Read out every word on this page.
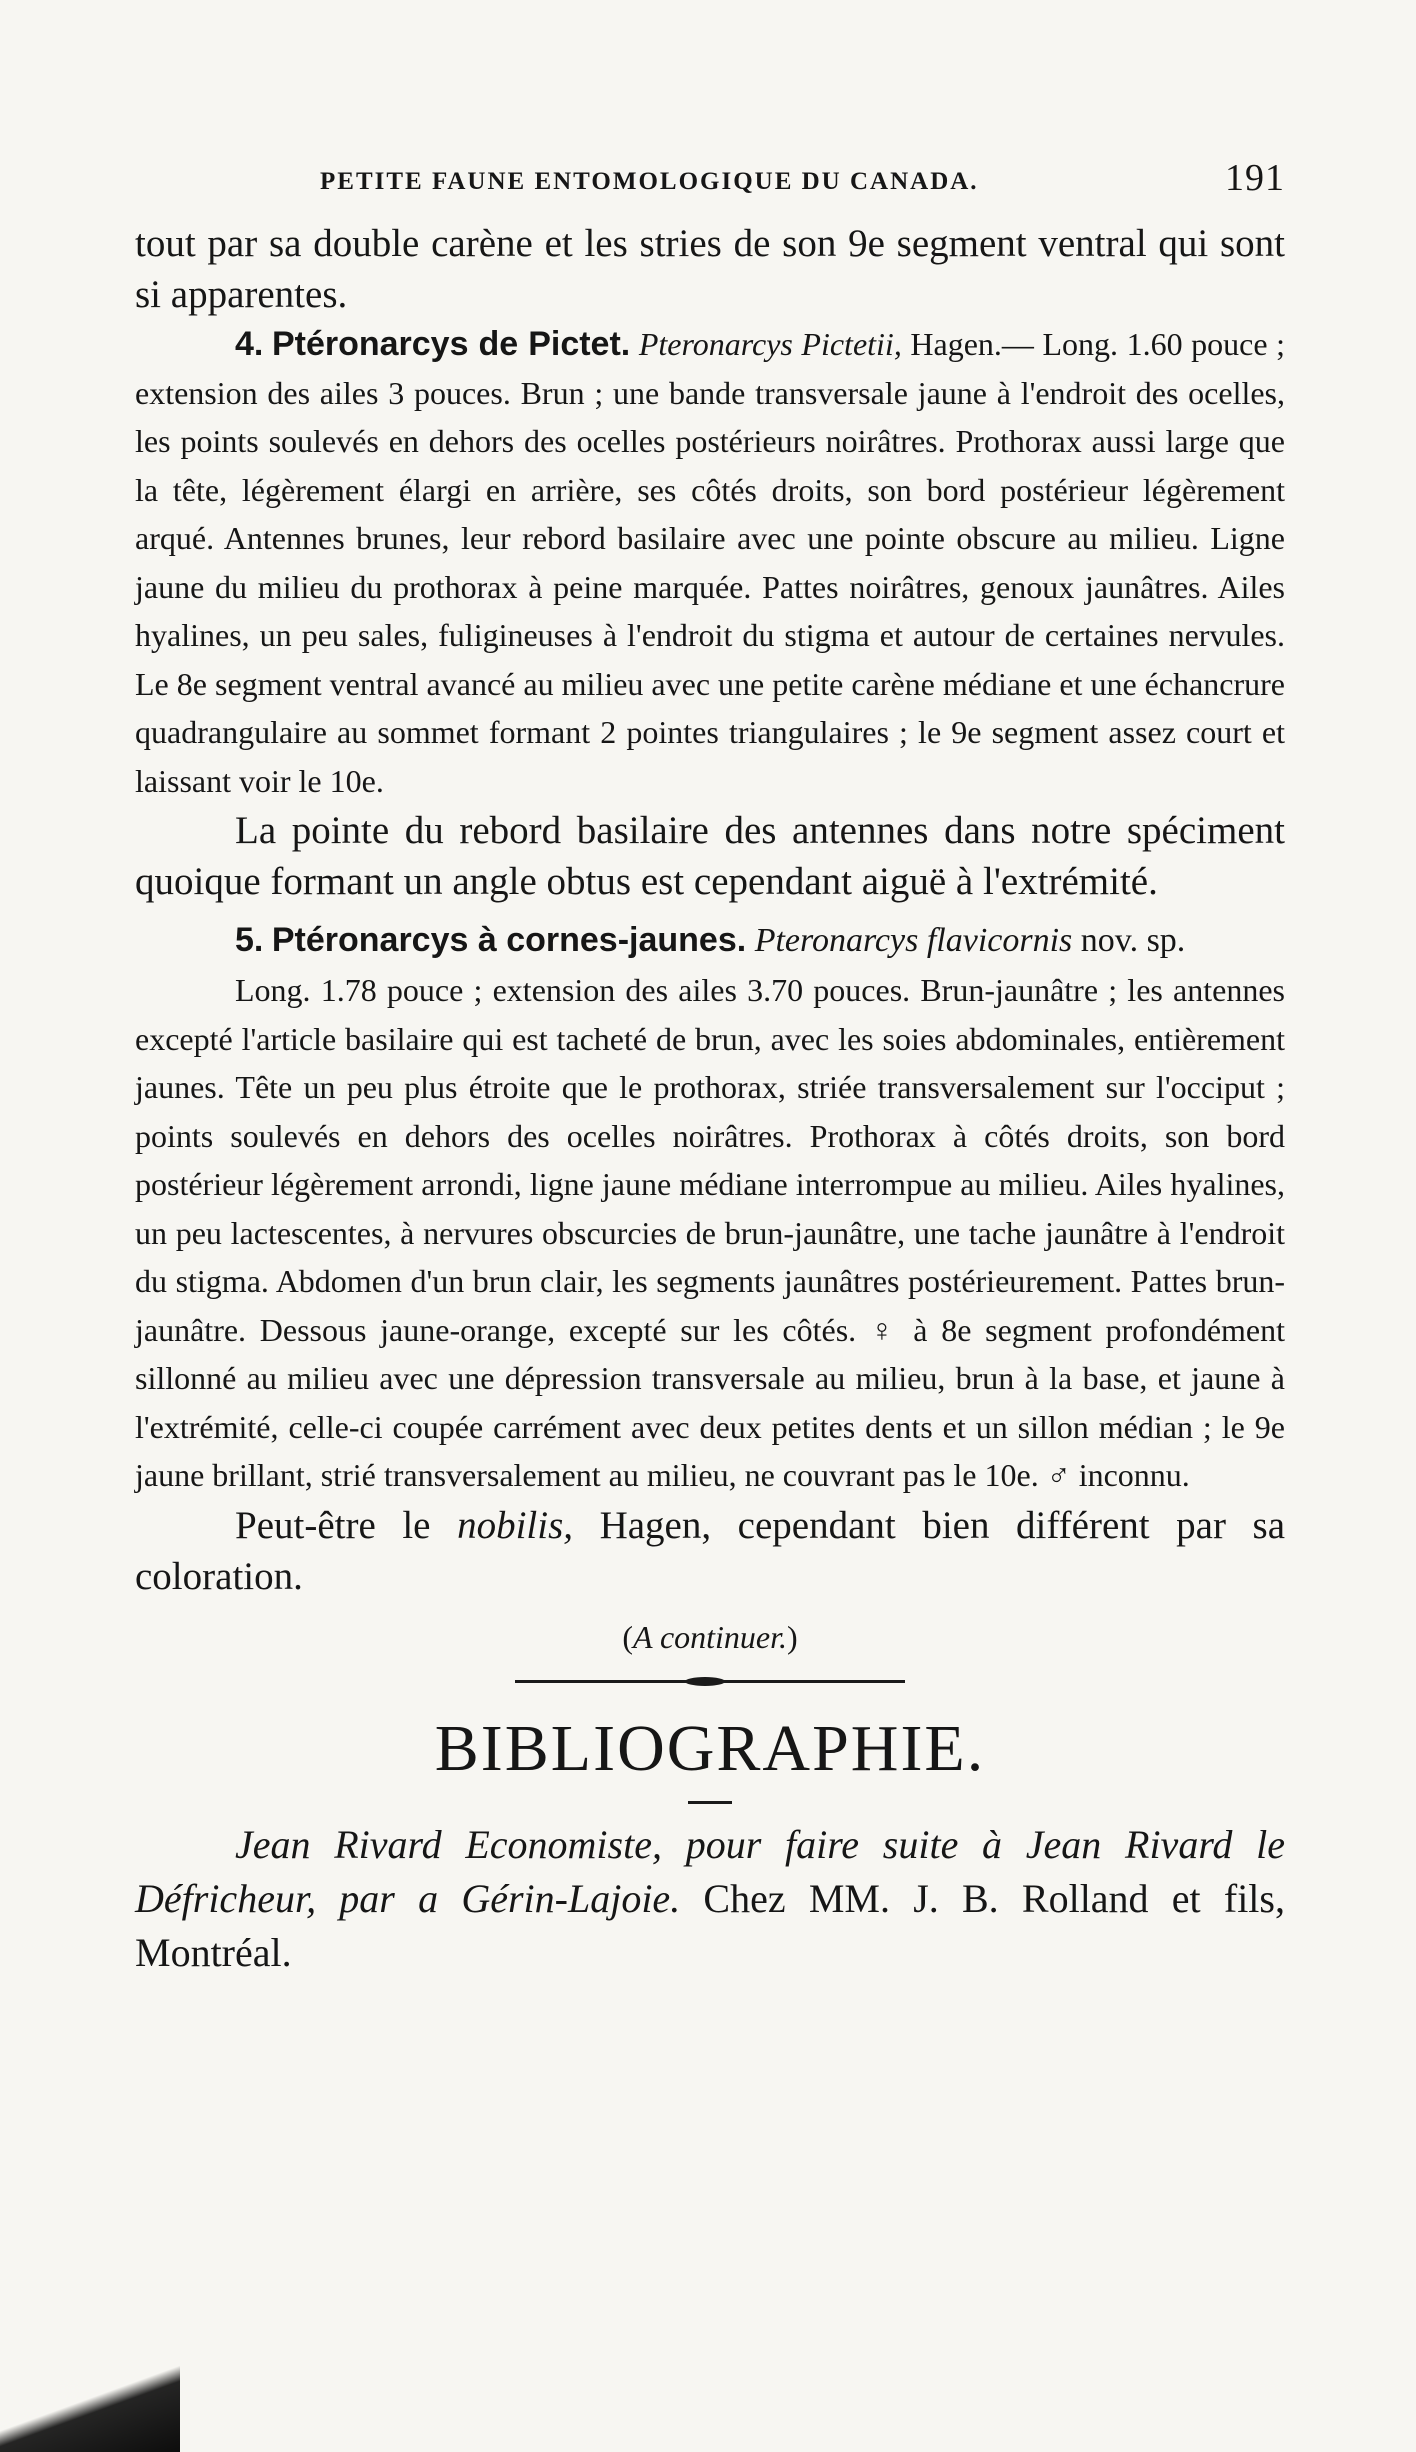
PETITE FAUNE ENTOMOLOGIQUE DU CANADA.	191

tout par sa double carène et les stries de son 9e segment ventral qui sont si apparentes.

4. Ptéronarcys de Pictet. Pteronarcys Pictetii, Hagen.— Long. 1.60 pouce ; extension des ailes 3 pouces. Brun ; une bande transversale jaune à l'endroit des ocelles, les points soulevés en dehors des ocelles postérieurs noirâtres. Prothorax aussi large que la tête, légèrement élargi en arrière, ses côtés droits, son bord postérieur légèrement arqué. Antennes brunes, leur rebord basilaire avec une pointe obscure au milieu. Ligne jaune du milieu du prothorax à peine marquée. Pattes noirâtres, genoux jaunâtres. Ailes hyalines, un peu sales, fuligineuses à l'endroit du stigma et autour de certaines nervules. Le 8e segment ventral avancé au milieu avec une petite carène médiane et une échancrure quadrangulaire au sommet formant 2 pointes triangulaires ; le 9e segment assez court et laissant voir le 10e.

La pointe du rebord basilaire des antennes dans notre spéciment quoique formant un angle obtus est cependant aiguë à l'extrémité.

5. Ptéronarcys à cornes-jaunes. Pteronarcys flavicornis nov. sp.

Long. 1.78 pouce ; extension des ailes 3.70 pouces. Brun-jaunâtre ; les antennes excepté l'article basilaire qui est tacheté de brun, avec les soies abdominales, entièrement jaunes. Tête un peu plus étroite que le prothorax, striée transversalement sur l'occiput ; points soulevés en dehors des ocelles noirâtres. Prothorax à côtés droits, son bord postérieur légèrement arrondi, ligne jaune médiane interrompue au milieu. Ailes hyalines, un peu lactescentes, à nervures obscurcies de brun-jaunâtre, une tache jaunâtre à l'endroit du stigma. Abdomen d'un brun clair, les segments jaunâtres postérieurement. Pattes brun-jaunâtre. Dessous jaune-orange, excepté sur les côtés. ♀ à 8e segment profondément sillonné au milieu avec une dépression transversale au milieu, brun à la base, et jaune à l'extrémité, celle-ci coupée carrément avec deux petites dents et un sillon médian ; le 9e jaune brillant, strié transversalement au milieu, ne couvrant pas le 10e. ♂ inconnu.

Peut-être le nobilis, Hagen, cependant bien différent par sa coloration.

(A continuer.)
BIBLIOGRAPHIE.

Jean Rivard Economiste, pour faire suite à Jean Rivard le Défricheur, par a Gérin-Lajoie. Chez MM. J. B. Rolland et fils, Montréal.
